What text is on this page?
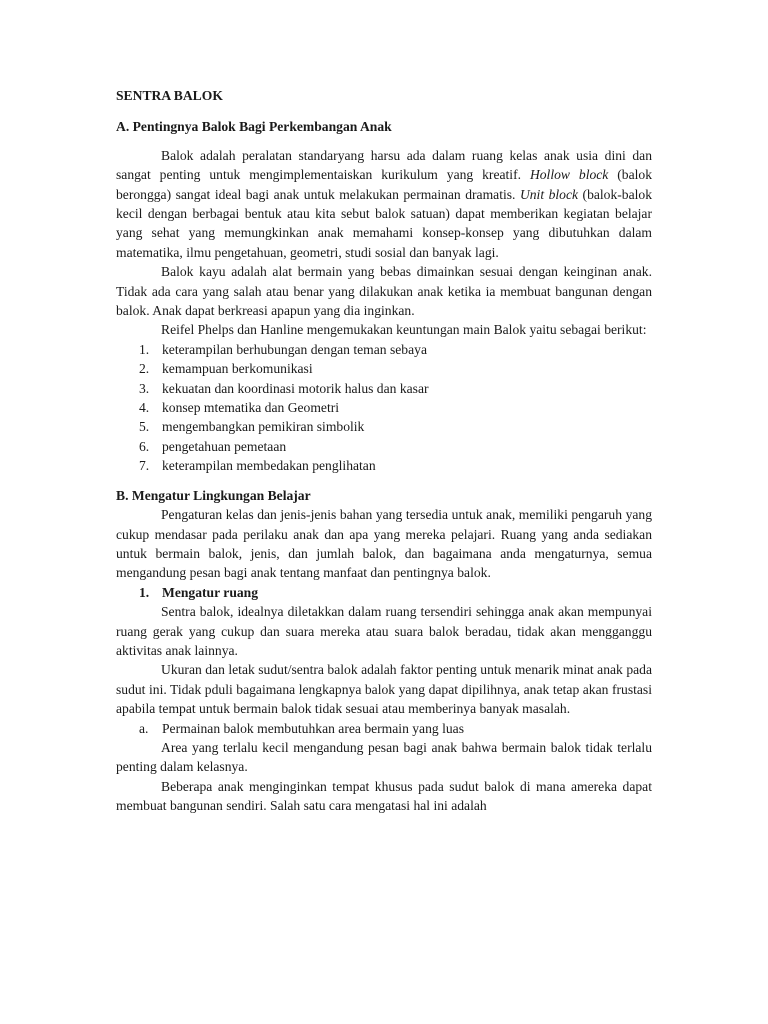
SENTRA BALOK
A. Pentingnya Balok Bagi Perkembangan Anak

Balok adalah peralatan standaryang harsu ada dalam ruang kelas anak usia dini dan sangat penting untuk mengimplementaiskan kurikulum yang kreatif. Hollow block (balok berongga) sangat ideal bagi anak untuk melakukan permainan dramatis. Unit block (balok-balok kecil dengan berbagai bentuk atau kita sebut balok satuan) dapat memberikan kegiatan belajar yang sehat yang memungkinkan anak memahami konsep-konsep yang dibutuhkan dalam matematika, ilmu pengetahuan, geometri, studi sosial dan banyak lagi.

Balok kayu adalah alat bermain yang bebas dimainkan sesuai dengan keinginan anak. Tidak ada cara yang salah atau benar yang dilakukan anak ketika ia membuat bangunan dengan balok. Anak dapat berkreasi apapun yang dia inginkan.

Reifel Phelps dan Hanline mengemukakan keuntungan main Balok yaitu sebagai berikut:

1. keterampilan berhubungan dengan teman sebaya
2. kemampuan berkomunikasi
3. kekuatan dan koordinasi motorik halus dan kasar
4. konsep mtematika dan Geometri
5. mengembangkan pemikiran simbolik
6. pengetahuan pemetaan
7. keterampilan membedakan penglihatan
B. Mengatur Lingkungan Belajar

Pengaturan kelas dan jenis-jenis bahan yang tersedia untuk anak, memiliki pengaruh yang cukup mendasar pada perilaku anak dan apa yang mereka pelajari. Ruang yang anda sediakan untuk bermain balok, jenis, dan jumlah balok, dan bagaimana anda mengaturnya, semua mengandung pesan bagi anak tentang manfaat dan pentingnya balok.

1. Mengatur ruang

Sentra balok, idealnya diletakkan dalam ruang tersendiri sehingga anak akan mempunyai ruang gerak yang cukup dan suara mereka atau suara balok beradau, tidak akan mengganggu aktivitas anak lainnya.

Ukuran dan letak sudut/sentra balok adalah faktor penting untuk menarik minat anak pada sudut ini. Tidak pduli bagaimana lengkapnya balok yang dapat dipilihnya, anak tetap akan frustasi apabila tempat untuk bermain balok tidak sesuai atau memberinya banyak masalah.

a. Permainan balok membutuhkan area bermain yang luas

Area yang terlalu kecil mengandung pesan bagi anak bahwa bermain balok tidak terlalu penting dalam kelasnya.

Beberapa anak menginginkan tempat khusus pada sudut balok di mana amereka dapat membuat bangunan sendiri. Salah satu cara mengatasi hal ini adalah
